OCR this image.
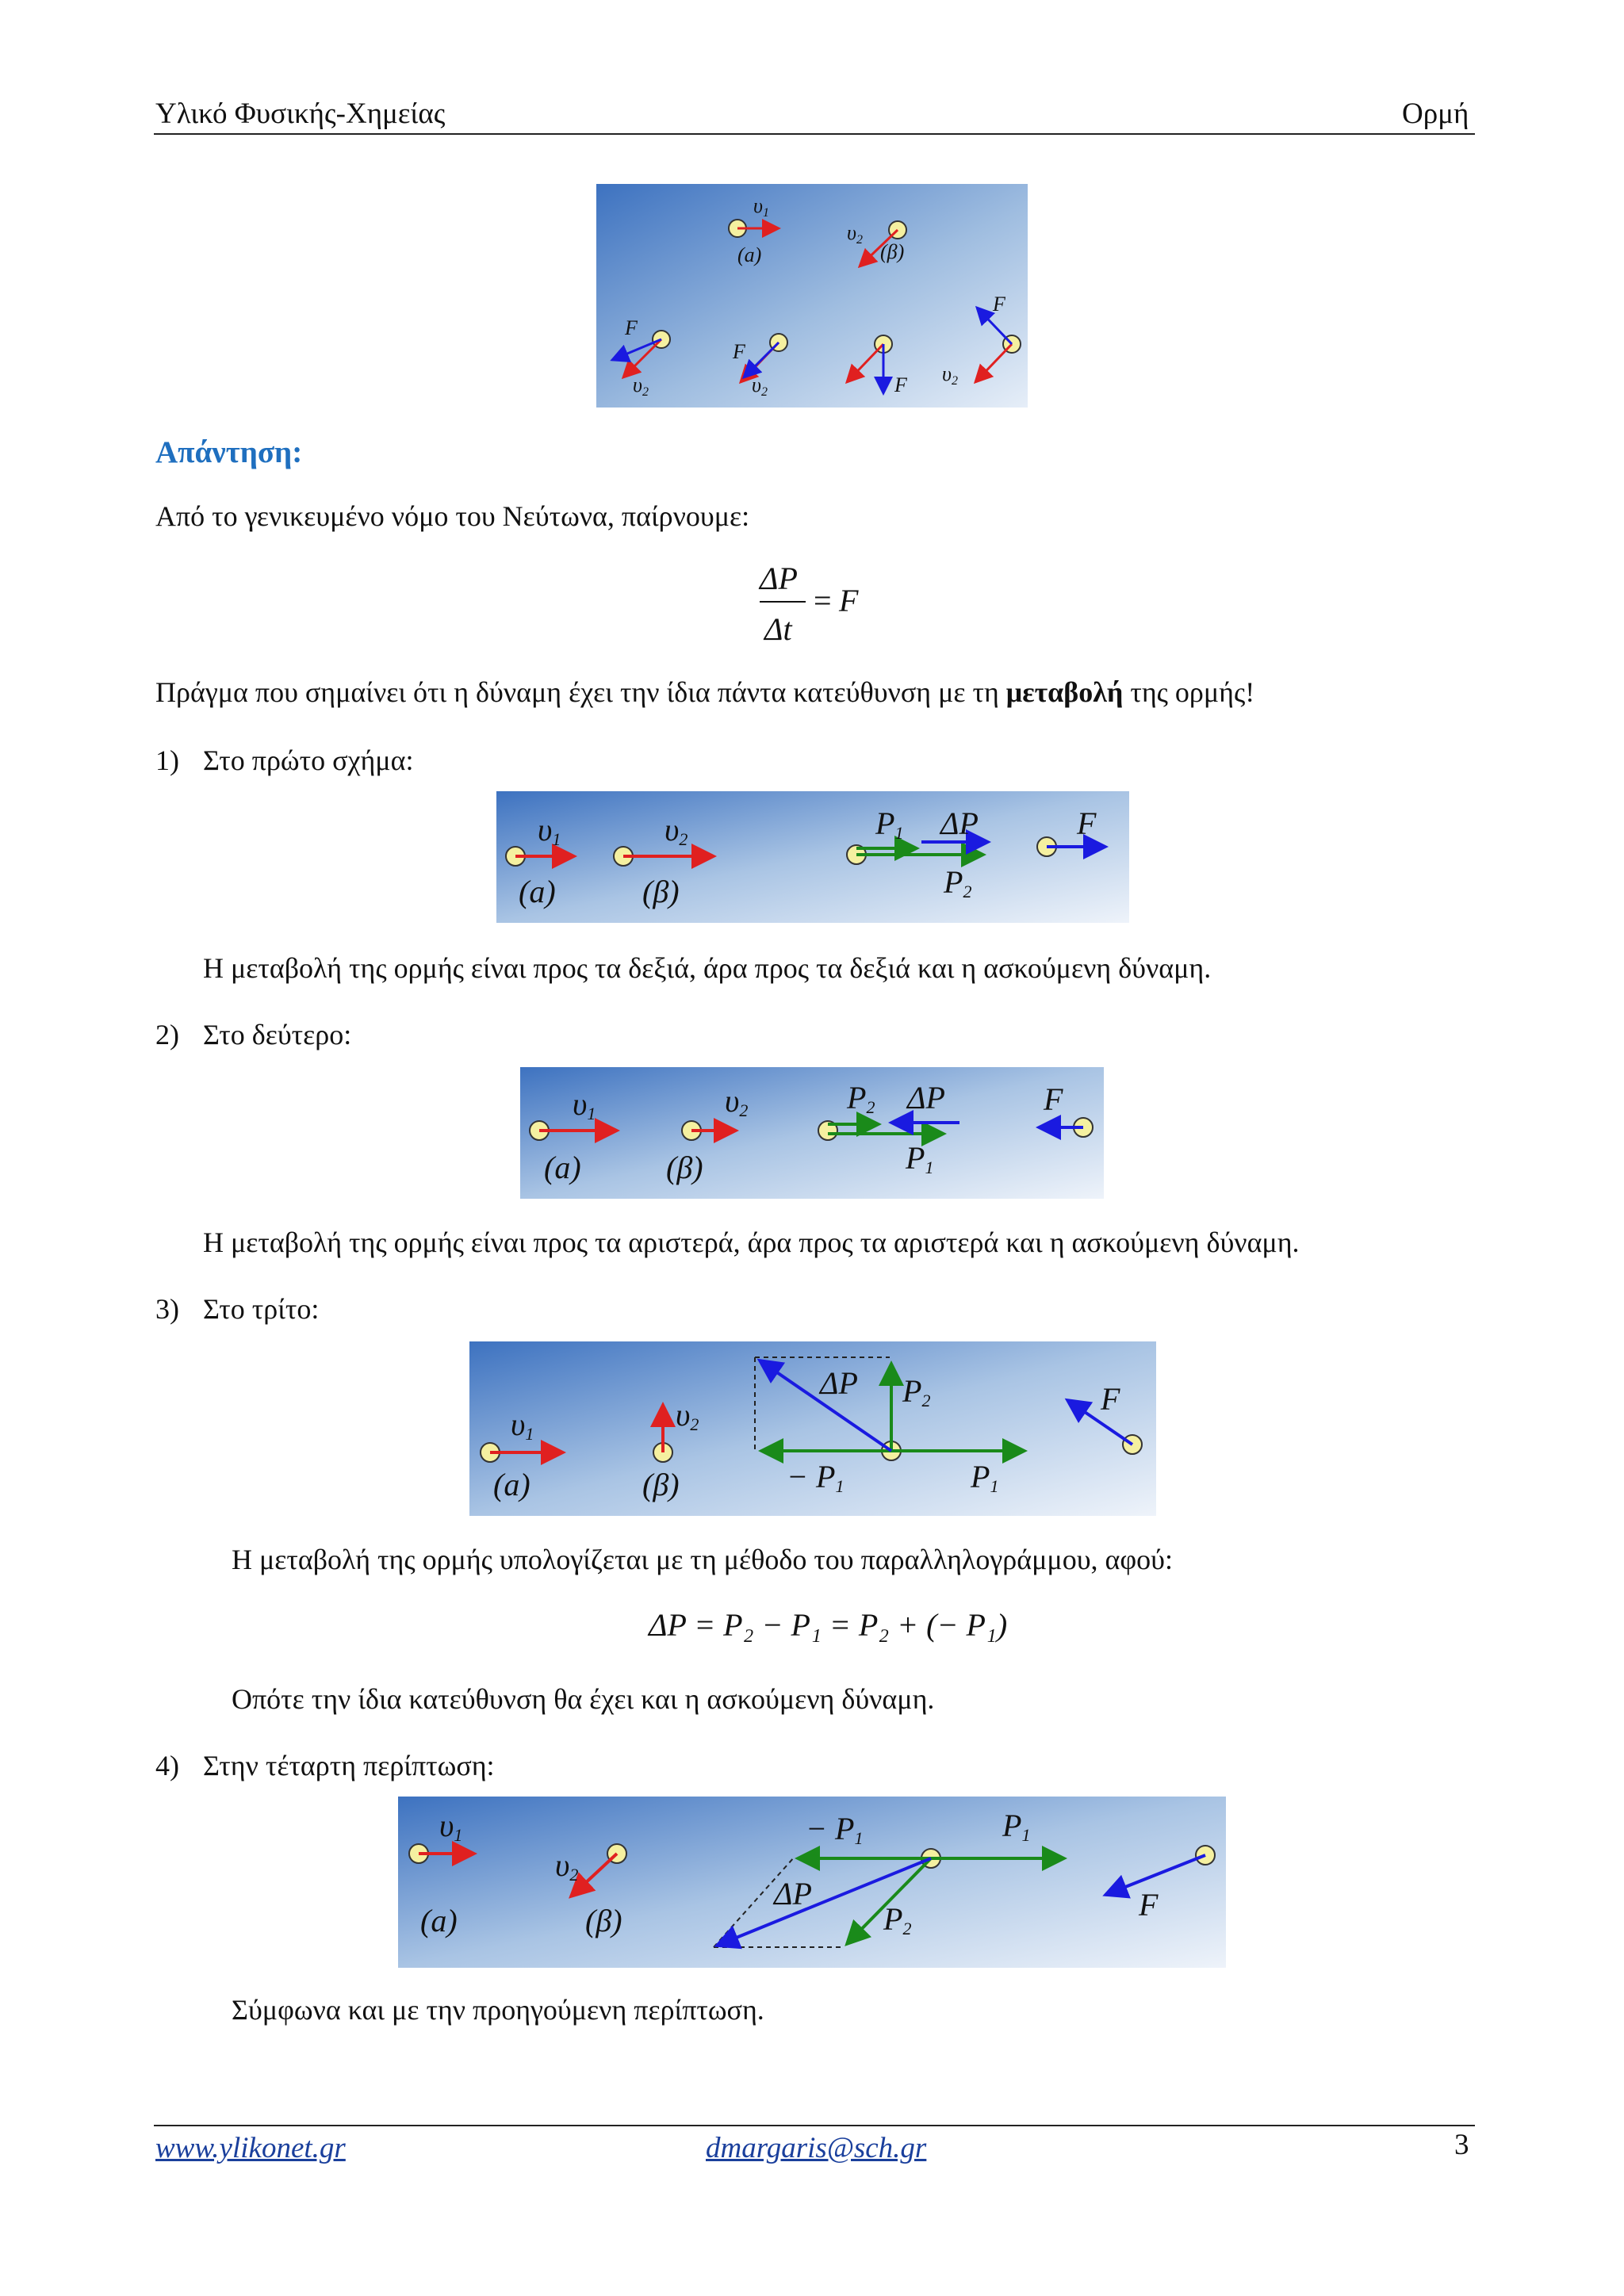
Υλικό Φυσικής-Χημείας	Ορμή
υ1
(a)
υ2
(β)
F
υ2
F
υ2	F
F
υ2
Απάντηση:
Από το γενικευμένο νόμο του Νεύτωνα, παίρνουμε:
ΔP
Δt
= F
Πράγμα που σημαίνει ότι η δύναμη έχει την ίδια πάντα κατεύθυνση με τη μεταβολή της ορμής!
1) Στο πρώτο σχήμα:
υ1
(a)
υ2
(β)
P1 ΔP
P2
F
Η μεταβολή της ορμής είναι προς τα δεξιά, άρα προς τα δεξιά και η ασκούμενη δύναμη.
2) Στο δεύτερο:
υ1
(a)
υ2
(β)
P2 ΔP
P1
F
Η μεταβολή της ορμής είναι προς τα αριστερά, άρα προς τα αριστερά και η ασκούμενη δύναμη.
3) Στο τρίτο:
υ1
(a)
υ2
(β)
ΔP P2
− P1	P1
F
Η μεταβολή της ορμής υπολογίζεται με τη μέθοδο του παραλληλογράμμου, αφού:
ΔP = P₂ − P₁ = P₂ + (− P₁)
Οπότε την ίδια κατεύθυνση θα έχει και η ασκούμενη δύναμη.
4) Στην τέταρτη περίπτωση:
υ1
(a)
υ2
(β)
− P1	P1
ΔP
P2
F
Σύμφωνα και με την προηγούμενη περίπτωση.
www.ylikonet.gr	dmargaris@sch.gr	3
